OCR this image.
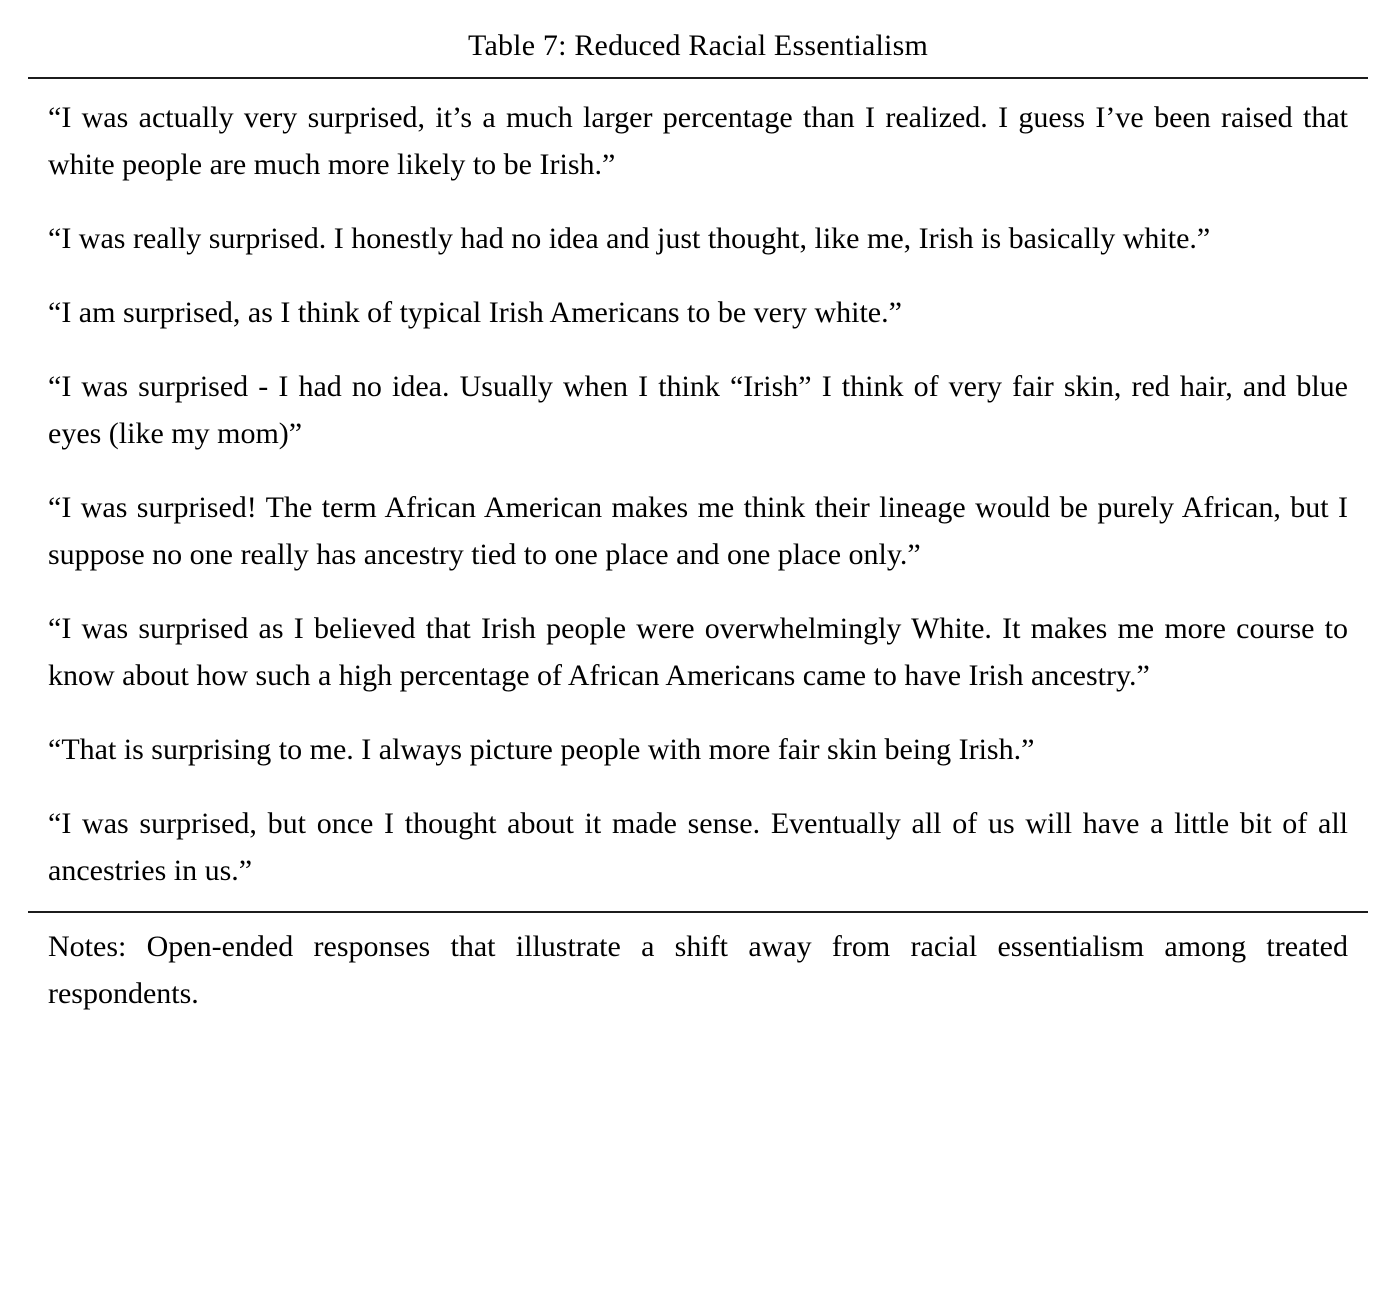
Table 7: Reduced Racial Essentialism

“I was actually very surprised, it’s a much larger percentage than I realized. I guess I’ve been raised that white people are much more likely to be Irish.”

“I was really surprised. I honestly had no idea and just thought, like me, Irish is basically white.”

“I am surprised, as I think of typical Irish Americans to be very white.”

“I was surprised - I had no idea. Usually when I think “Irish” I think of very fair skin, red hair, and blue eyes (like my mom)”

“I was surprised! The term African American makes me think their lineage would be purely African, but I suppose no one really has ancestry tied to one place and one place only.”

“I was surprised as I believed that Irish people were overwhelmingly White. It makes me more course to know about how such a high percentage of African Americans came to have Irish ancestry.”

“That is surprising to me. I always picture people with more fair skin being Irish.”

“I was surprised, but once I thought about it made sense. Eventually all of us will have a little bit of all ancestries in us.”

Notes: Open-ended responses that illustrate a shift away from racial essentialism among treated respondents.
